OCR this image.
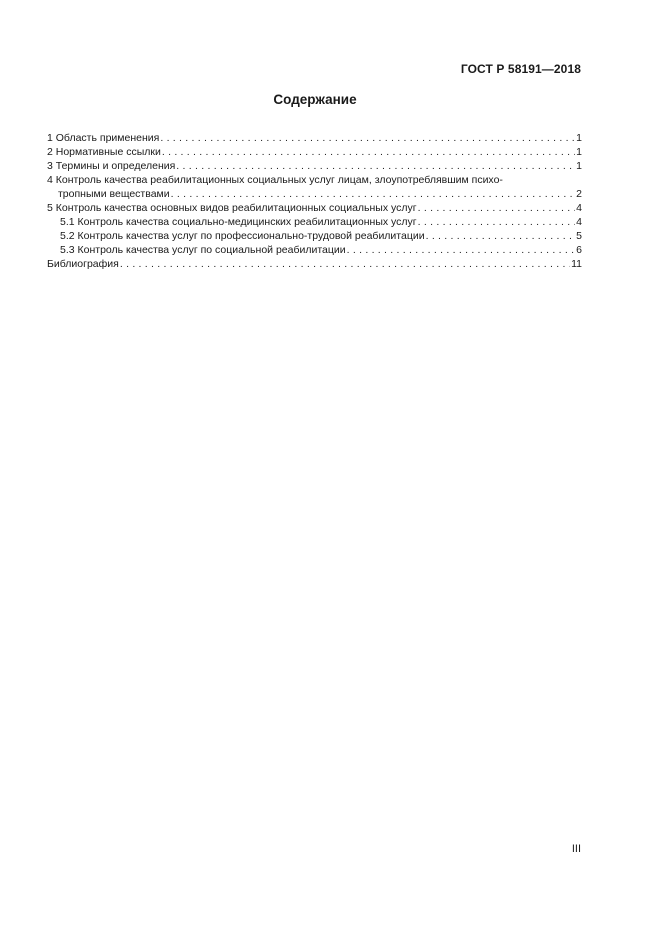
ГОСТ Р 58191—2018
Содержание
1 Область применения . . .	1
2 Нормативные ссылки . . .	1
3 Термины и определения . . .	1
4 Контроль качества реабилитационных социальных услуг лицам, злоупотреблявшим психо-
тропными веществами . . .	2
5 Контроль качества основных видов реабилитационных социальных услуг . . .	4
5.1 Контроль качества социально-медицинских реабилитационных услуг . . .	4
5.2 Контроль качества услуг по профессионально-трудовой реабилитации . . .	5
5.3 Контроль качества услуг по социальной реабилитации . . .	6
Библиография . . .	11
III
